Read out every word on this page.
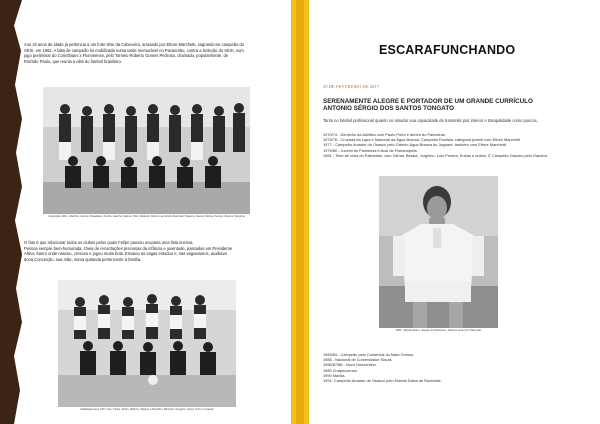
Aos 16 anos de idade já pertencia a um forte time da Cabeceira, arrasado por Ettore Marchetti, sagrando-se campeão do

SESI, em 1962. A falta de campeão foi mobilizada numa tarde memorável no Pacaembu, contra a Seleção do SESI, num

jogo preliminar do Corinthians x Fluminense, pelo Torneio Roberto Gomes Pedrosa, chamado, popularmente, de

Rio/São Paulo, que reunia a elite do futebol brasileiro.

Campeões 1962 - Marinho, Canuto, Matadares, Ovídio, Gaúcho, Fátima, Túlio, Valdemir, Albert e seu Ettore Marchetti Trigueiro, Hamor, Fátima, Pereira, Álvaro e Serginho

O fato é que relacionar todos os clubes pelos quais Felipe passou ocuparia uma lista imensa.

Pessoa sempre bem-humorada, cheia de recordações preciosas da infância e juventude, passadas em Presidente

Altino, bairro onde nasceu, cresceu e jogou muita bola. Ensaiou as vagas estudou e, nas vagueiamos, auxiliava

dona Conceição, sua mãe, numa quitanda pertencente à família.

Madalágica time 1971: Sou. Felipe, Pedro, Miltinho, Wagner e Bertolino. Baixinho, Gregório, Gorey, Tinho e Guarani
ESCARAFUNCHANDO
29 DE FEVEREIRO DE 2017
SERENAMENTE ALEGRE E PORTADOR DE UM GRANDE CURRÍCULO
ANTONIO SÉRGIO DOS SANTOS TONGATO
Tanto no futebol profissional quanto no amador sua capacidade de transmitir paz interior e tranquilidade como poucos.
1970/74 - Dentinho da AAfdico com Paulo Porto e dentro do Palmeiras.
1975/76 - Cruzada da Lapa e Nacional da Água Branca. Campeão Paulista, categoria juvenil com Ettore Marchetti.
1977 - Campeão Amador do Osasco pelo Grêmio Água Branca do Jaguaré, também com Ettore Marchetti.
1979/80 - Juvenil do Palmeiras e Avaí de Florianópolis.
1981 - Time de cima do Palmeiras, com Gilmar, Beraut, Jorginho, Luís Pereira, Enéas e outros. É Campeão Gaúcho pelo Gaúcha.
1984 - Marília visitou - Equipe do Palmeiras - Roberto posa com Palmeiras
1983/84 - Campeão pelo Comercial do Mato Grosso.
1985 - Nacional de Comendador Souza.
1986/87/88 - Novo Horizontino.
1989 Chapecoense.
1990 Marília.
1991- Campeão Amador de Osasco pelo Estrela Dalva de Rochdale.
